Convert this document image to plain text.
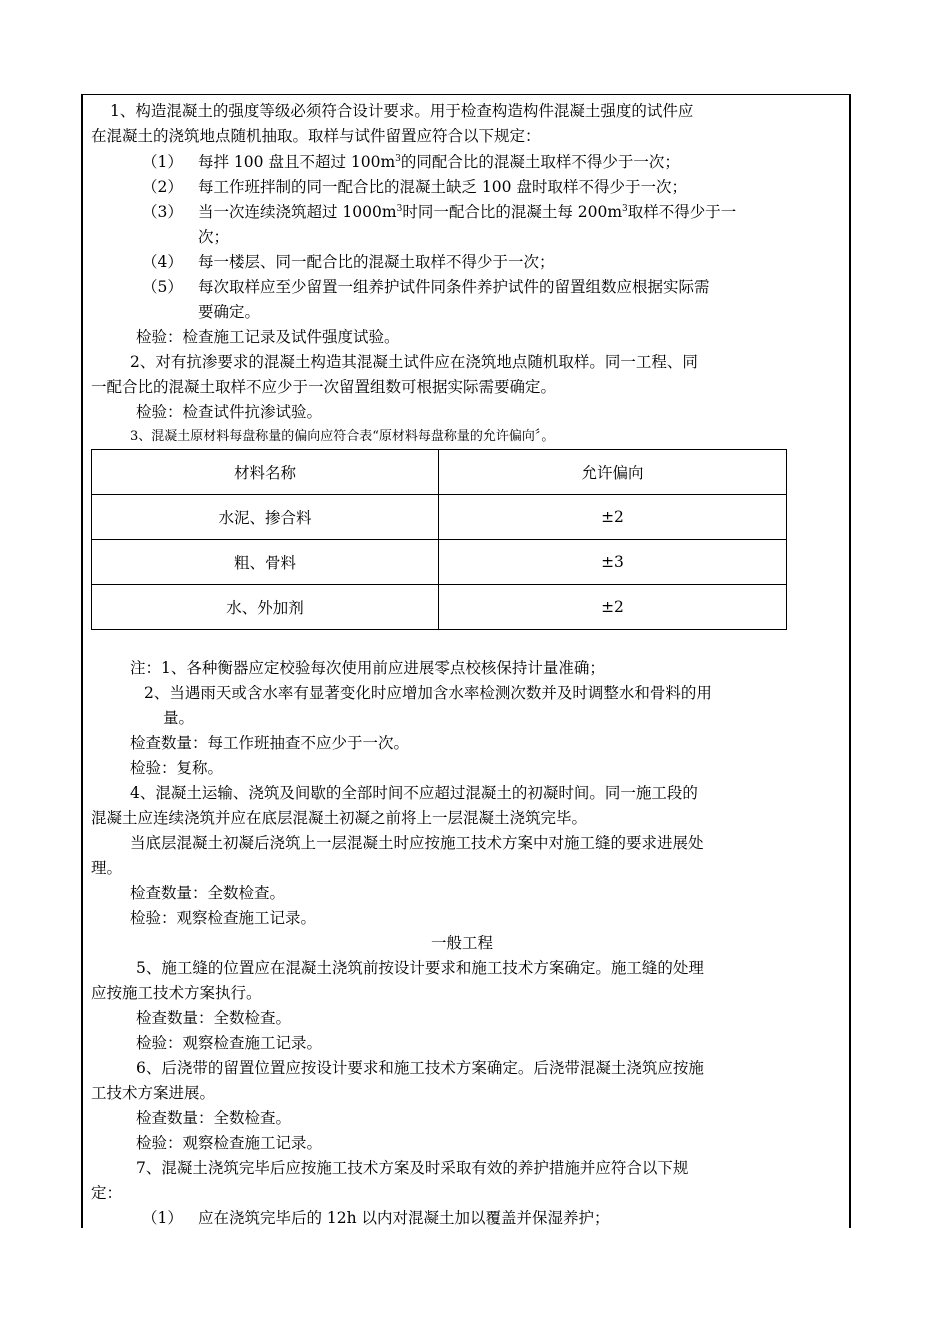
1、构造混凝土的强度等级必须符合设计要求。用于检查构造构件混凝土强度的试件应
在混凝土的浇筑地点随机抽取。取样与试件留置应符合以下规定：
（1） 每拌 100 盘且不超过 $100m^3$的同配合比的混凝土取样不得少于一次；
（2） 每工作班拌制的同一配合比的混凝土缺乏 100 盘时取样不得少于一次；
（3） 当一次连续浇筑超过 $1000m^3$时同一配合比的混凝土每 $200m^3$取样不得少于一
次；
（4） 每一楼层、同一配合比的混凝土取样不得少于一次；
（5） 每次取样应至少留置一组养护试件同条件养护试件的留置组数应根据实际需
要确定。
检验：检查施工记录及试件强度试验。
2、对有抗渗要求的混凝土构造其混凝土试件应在浇筑地点随机取样。同一工程、同
一配合比的混凝土取样不应少于一次留置组数可根据实际需要确定。
检验：检查试件抗渗试验。
3、混凝土原材料每盘称量的偏向应符合表“原材料每盘称量的允许偏向〞。
材料名称	允许偏向
水泥、掺合料	±2
粗、骨料	±3
水、外加剂	±2
注：1、各种衡器应定校验每次使用前应进展零点校核保持计量准确；
2、当遇雨天或含水率有显著变化时应增加含水率检测次数并及时调整水和骨料的用
量。
检查数量：每工作班抽查不应少于一次。
检验：复称。
4、混凝土运输、浇筑及间歇的全部时间不应超过混凝土的初凝时间。同一施工段的
混凝土应连续浇筑并应在底层混凝土初凝之前将上一层混凝土浇筑完毕。
当底层混凝土初凝后浇筑上一层混凝土时应按施工技术方案中对施工缝的要求进展处
理。
检查数量：全数检查。
检验：观察检查施工记录。
一般工程
5、施工缝的位置应在混凝土浇筑前按设计要求和施工技术方案确定。施工缝的处理
应按施工技术方案执行。
检查数量：全数检查。
检验：观察检查施工记录。
6、后浇带的留置位置应按设计要求和施工技术方案确定。后浇带混凝土浇筑应按施
工技术方案进展。
检查数量：全数检查。
检验：观察检查施工记录。
7、混凝土浇筑完毕后应按施工技术方案及时采取有效的养护措施并应符合以下规
定：
（1） 应在浇筑完毕后的 12h 以内对混凝土加以覆盖并保湿养护；
